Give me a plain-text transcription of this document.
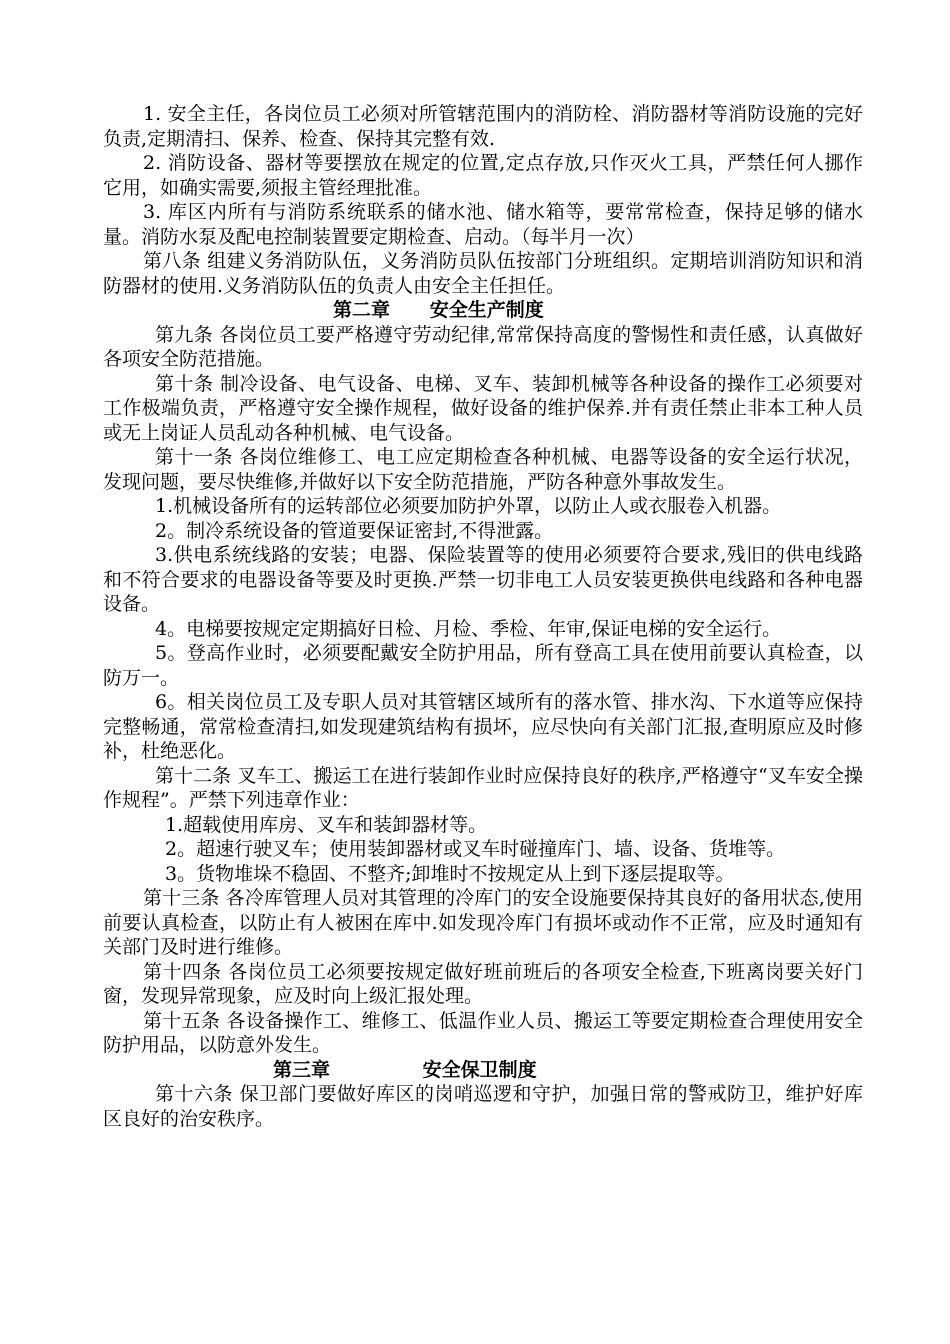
1. 安全主任，各岗位员工必须对所管辖范围内的消防栓、消防器材等消防设施的完好负责,定期清扫、保养、检查、保持其完整有效.

2. 消防设备、器材等要摆放在规定的位置,定点存放,只作灭火工具，严禁任何人挪作它用，如确实需要,须报主管经理批准。

3. 库区内所有与消防系统联系的储水池、储水箱等，要常常检查，保持足够的储水量。消防水泵及配电控制装置要定期检查、启动。（每半月一次）

第八条 组建义务消防队伍，义务消防员队伍按部门分班组织。定期培训消防知识和消防器材的使用.义务消防队伍的负责人由安全主任担任。

第二章      安全生产制度

第九条 各岗位员工要严格遵守劳动纪律,常常保持高度的警惕性和责任感，认真做好各项安全防范措施。

第十条 制冷设备、电气设备、电梯、叉车、装卸机械等各种设备的操作工必须要对工作极端负责，严格遵守安全操作规程，做好设备的维护保养.并有责任禁止非本工种人员或无上岗证人员乱动各种机械、电气设备。

第十一条 各岗位维修工、电工应定期检查各种机械、电器等设备的安全运行状况，发现问题，要尽快维修,并做好以下安全防范措施，严防各种意外事故发生。

1.机械设备所有的运转部位必须要加防护外罩，以防止人或衣服卷入机器。

2。制冷系统设备的管道要保证密封,不得泄露。

3.供电系统线路的安装；电器、保险装置等的使用必须要符合要求,残旧的供电线路和不符合要求的电器设备等要及时更换.严禁一切非电工人员安装更换供电线路和各种电器设备。

4。电梯要按规定定期搞好日检、月检、季检、年审,保证电梯的安全运行。

5。登高作业时，必须要配戴安全防护用品，所有登高工具在使用前要认真检查，以防万一。

6。相关岗位员工及专职人员对其管辖区域所有的落水管、排水沟、下水道等应保持完整畅通，常常检查清扫,如发现建筑结构有损坏，应尽快向有关部门汇报,查明原应及时修补，杜绝恶化。

第十二条 叉车工、搬运工在进行装卸作业时应保持良好的秩序,严格遵守“叉车安全操作规程”。严禁下列违章作业：

1.超载使用库房、叉车和装卸器材等。

2。超速行驶叉车；使用装卸器材或叉车时碰撞库门、墙、设备、货堆等。

3。货物堆垛不稳固、不整齐;卸堆时不按规定从上到下逐层提取等。

第十三条 各冷库管理人员对其管理的冷库门的安全设施要保持其良好的备用状态,使用前要认真检查，以防止有人被困在库中.如发现冷库门有损坏或动作不正常，应及时通知有关部门及时进行维修。

第十四条 各岗位员工必须要按规定做好班前班后的各项安全检查,下班离岗要关好门窗，发现异常现象，应及时向上级汇报处理。

第十五条 各设备操作工、维修工、低温作业人员、搬运工等要定期检查合理使用安全防护用品，以防意外发生。

第三章              安全保卫制度

第十六条 保卫部门要做好库区的岗哨巡逻和守护，加强日常的警戒防卫，维护好库区良好的治安秩序。
